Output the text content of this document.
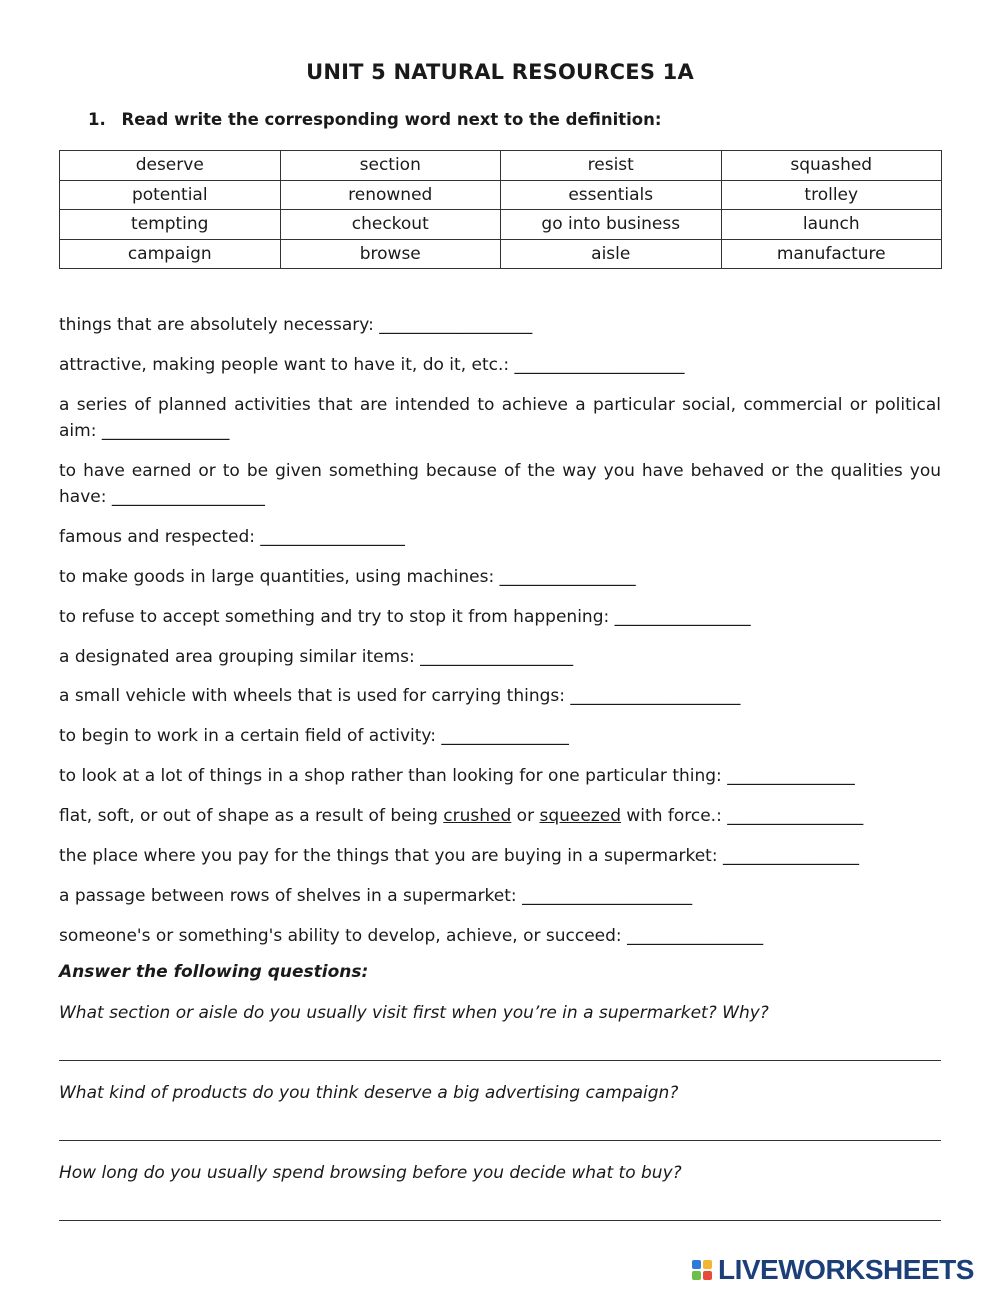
UNIT 5 NATURAL RESOURCES 1A
1. Read write the corresponding word next to the definition:
deserve	section	resist	squashed
potential	renowned	essentials	trolley
tempting	checkout	go into business	launch
campaign	browse	aisle	manufacture
things that are absolutely necessary: __________________
attractive, making people want to have it, do it, etc.: ____________________
a series of planned activities that are intended to achieve a particular social, commercial or political aim: _______________
to have earned or to be given something because of the way you have behaved or the qualities you have: __________________
famous and respected: _________________
to make goods in large quantities, using machines: ________________
to refuse to accept something and try to stop it from happening: ________________
a designated area grouping similar items: __________________
a small vehicle with wheels that is used for carrying things: ____________________
to begin to work in a certain field of activity: _______________
to look at a lot of things in a shop rather than looking for one particular thing: _______________
flat, soft, or out of shape as a result of being crushed or squeezed with force.: ________________
the place where you pay for the things that you are buying in a supermarket: ________________
a passage between rows of shelves in a supermarket: ____________________
someone's or something's ability to develop, achieve, or succeed: ________________
Answer the following questions:
What section or aisle do you usually visit first when you’re in a supermarket? Why?
What kind of products do you think deserve a big advertising campaign?
How long do you usually spend browsing before you decide what to buy?
LIVEWORKSHEETS
